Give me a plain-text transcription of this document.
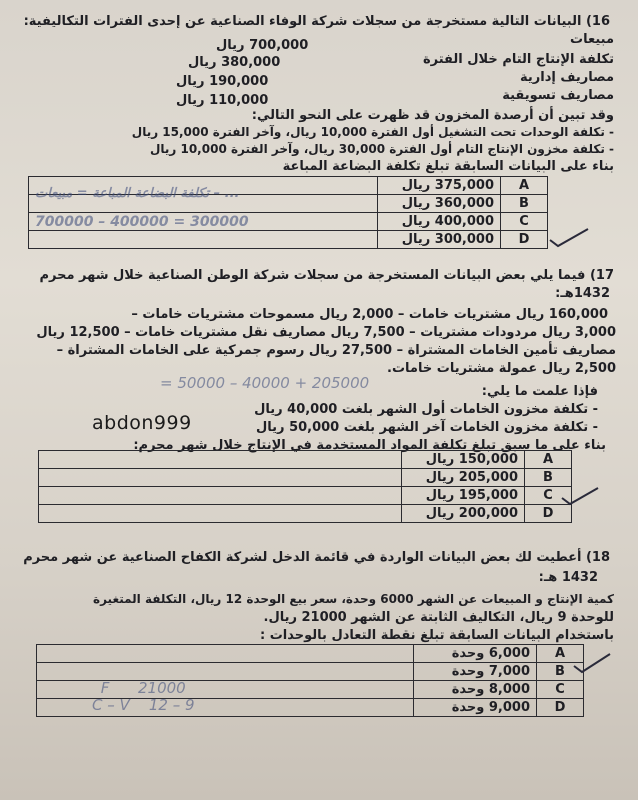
16) البيانات التالية مستخرجة من سجلات شركة الوفاء الصناعية عن إحدى الفترات التكاليفية:
مبيعات
700,000 ريال
تكلفة الإنتاج التام خلال الفترة
380,000 ريال
مصاريف إدارية
190,000 ريال
مصاريف تسويقية
110,000 ريال
وقد تبين أن أرصدة المخزون قد ظهرت على النحو التالي:
- تكلفة الوحدات تحت التشغيل أول الفترة 10,000 ريال، وآخر الفترة 15,000 ريال
- تكلفة مخزون الإنتاج التام أول الفترة 30,000 ريال، وآخر الفترة 10,000 ريال
بناء على البيانات السابقة تبلغ تكلفة البضاعة المباعة
تكلفة البضاعة المباعة = مبيعات – ...	375,000 ريال	A
	360,000 ريال	B
700000 – 400000 = 300000	400,000 ريال	C
	300,000 ريال	D
17) فيما يلي بعض البيانات المستخرجة من سجلات شركة الوطن الصناعية خلال شهر محرم
1432هـ:
160,000 ريال مشتريات خامات – 2,000 ريال مسموحات مشتريات خامات –
3,000 ريال مردودات مشتريات – 7,500 ريال مصاريف نقل مشتريات خامات – 12,500 ريال
مصاريف تأمين الخامات المشتراة – 27,500 ريال رسوم جمركية على الخامات المشتراة –
2,500 ريال عمولة مشتريات خامات.
= 50000 – 40000 + 205000	فإذا علمت ما يلي:
- تكلفة مخزون الخامات أول الشهر بلغت 40,000 ريال
- تكلفة مخزون الخامات آخر الشهر بلغت 50,000 ريال
بناء على ما سبق تبلغ تكلفة المواد المستخدمة في الإنتاج خلال شهر محرم:
abdon999
	150,000 ريال	A
	205,000 ريال	B
	195,000 ريال	C
	200,000 ريال	D
18) أعطيت لك بعض البيانات الواردة في قائمة الدخل لشركة الكفاح الصناعية عن شهر محرم
1432 هـ:
كمية الإنتاج و المبيعات عن الشهر 6000 وحدة، سعر بيع الوحدة 12 ريال، التكلفة المتغيرة
للوحدة 9 ريال، التكاليف الثابتة عن الشهر 21000 ريال.
باستخدام البيانات السابقة تبلغ نقطة التعادل بالوحدات :
	6,000 وحدة	A
	7,000 وحدة	B
	8,000 وحدة	C
	9,000 وحدة	D
F      21000
C – V    12 – 9
